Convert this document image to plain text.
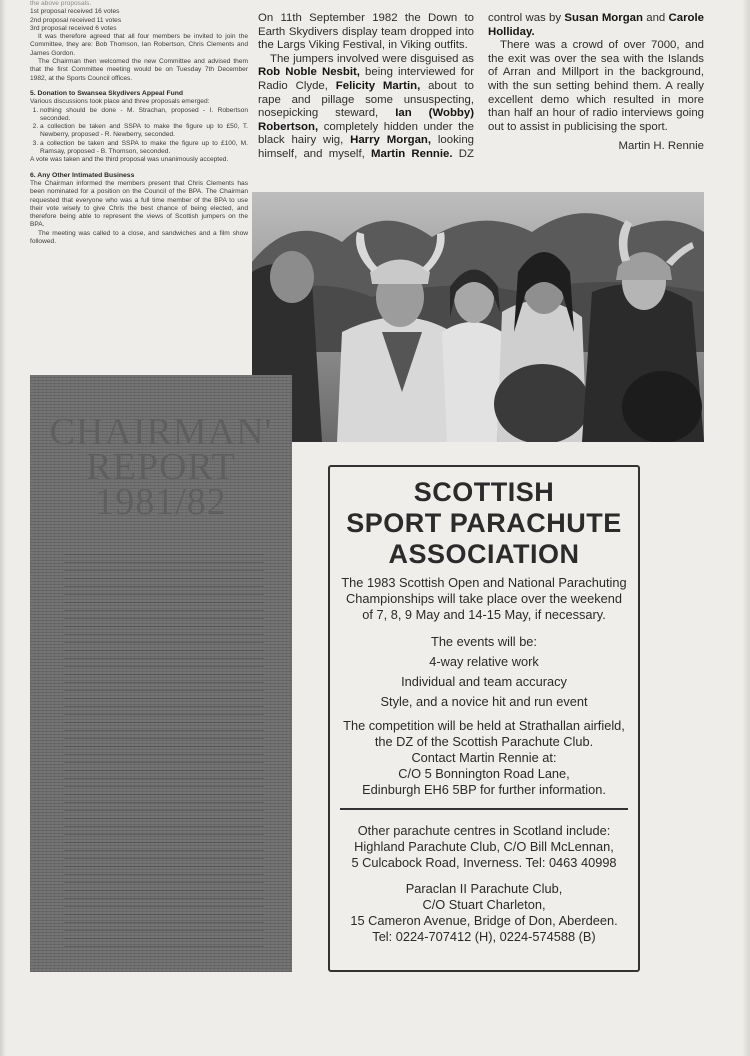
the above proposals.

1st proposal received 16 votes

2nd proposal received 11 votes

3rd proposal received 6 votes

It was therefore agreed that all four members be invited to join the Committee, they are: Bob Thomson, Ian Robertson, Chris Clements and James Gordon.

The Chairman then welcomed the new Committee and advised them that the first Committee meeting would be on Tuesday 7th December 1982, at the Sports Council offices.

5. Donation to Swansea Skydivers Appeal Fund

Various discussions took place and three proposals emerged:

1. nothing should be done - M. Strachan, proposed - I. Robertson seconded.
2. a collection be taken and SSPA to make the figure up to £50, T. Newberry, proposed - R. Newberry, seconded.
3. a collection be taken and SSPA to make the figure up to £100, M. Ramsay, proposed - B. Thomson, seconded.

A vote was taken and the third proposal was unanimously accepted.

6. Any Other Intimated Business

The Chairman informed the members present that Chris Clements has been nominated for a position on the Council of the BPA. The Chairman requested that everyone who was a full time member of the BPA to use their vote wisely to give Chris the best chance of being elected, and therefore being able to represent the views of Scottish jumpers on the BPA.

The meeting was called to a close, and sandwiches and a film show followed.

On 11th September 1982 the Down to Earth Skydivers display team dropped into the Largs Viking Festival, in Viking outfits.

The jumpers involved were disguised as Rob Noble Nesbit, being interviewed for Radio Clyde, Felicity Martin, about to rape and pillage some unsuspecting, nosepicking steward, Ian (Wobby) Robertson, completely hidden under the black hairy wig, Harry Morgan, looking himself, and myself, Martin Rennie. DZ control was by Susan Morgan and Carole Holliday.

There was a crowd of over 7000, and the exit was over the sea with the Islands of Arran and Millport in the background, with the sun setting behind them. A really excellent demo which resulted in more than half an hour of radio interviews going out to assist in publicising the sport.

Martin H. Rennie

CHAIRMAN'
REPORT
1981/82	SCOTTISH
SPORT PARACHUTE
ASSOCIATION

The 1983 Scottish Open and National Parachuting

Championships will take place over the weekend

of 7, 8, 9 May and 14-15 May, if necessary.

The events will be:

4-way relative work

Individual and team accuracy

Style, and a novice hit and run event

The competition will be held at Strathallan airfield,

the DZ of the Scottish Parachute Club.

Contact Martin Rennie at:

C/O 5 Bonnington Road Lane,

Edinburgh EH6 5BP for further information.

Other parachute centres in Scotland include:

Highland Parachute Club, C/O Bill McLennan,

5 Culcabock Road, Inverness. Tel: 0463 40998

Paraclan II Parachute Club,

C/O Stuart Charleton,

15 Cameron Avenue, Bridge of Don, Aberdeen.

Tel: 0224-707412 (H), 0224-574588 (B)
